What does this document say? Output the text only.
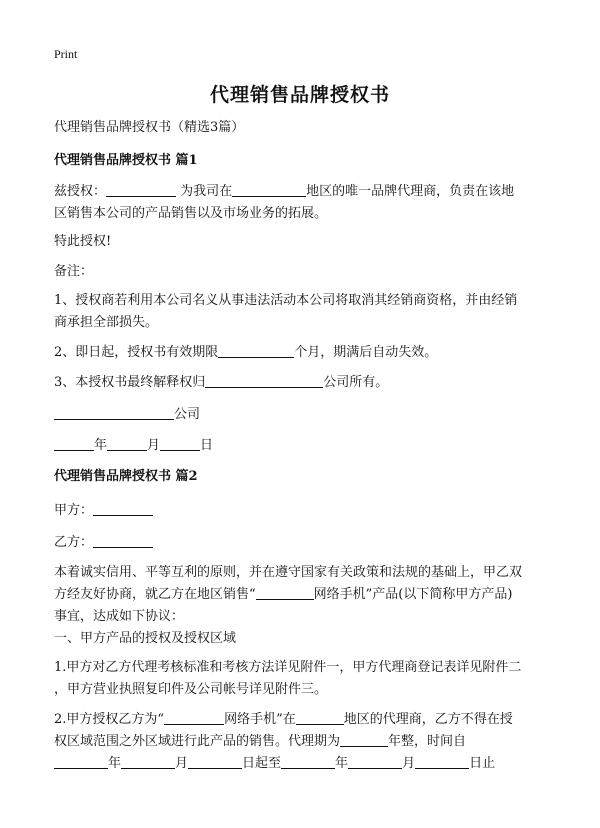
Print
代理销售品牌授权书
代理销售品牌授权书（精选3篇）
代理销售品牌授权书 篇1
兹授权：	为我司在	地区的唯一品牌代理商，负责在该地
区销售本公司的产品销售以及市场业务的拓展。
特此授权!
备注：
1、授权商若利用本公司名义从事违法活动本公司将取消其经销商资格，并由经销
商承担全部损失。
2、即日起，授权书有效期限	个月，期满后自动失效。
3、本授权书最终解释权归	公司所有。
公司
年	月	日
代理销售品牌授权书 篇2
甲方：
乙方：
本着诚实信用、平等互利的原则，并在遵守国家有关政策和法规的基础上，甲乙双
方经友好协商，就乙方在地区销售“	网络手机”产品(以下简称甲方产品)
事宜，达成如下协议：
一、甲方产品的授权及授权区域
1.甲方对乙方代理考核标准和考核方法详见附件一，甲方代理商登记表详见附件二
，甲方营业执照复印件及公司帐号详见附件三。
2.甲方授权乙方为“	网络手机”在	地区的代理商，乙方不得在授
权区域范围之外区域进行此产品的销售。代理期为	年整，时间自
年	月	日起至	年	月	日止
